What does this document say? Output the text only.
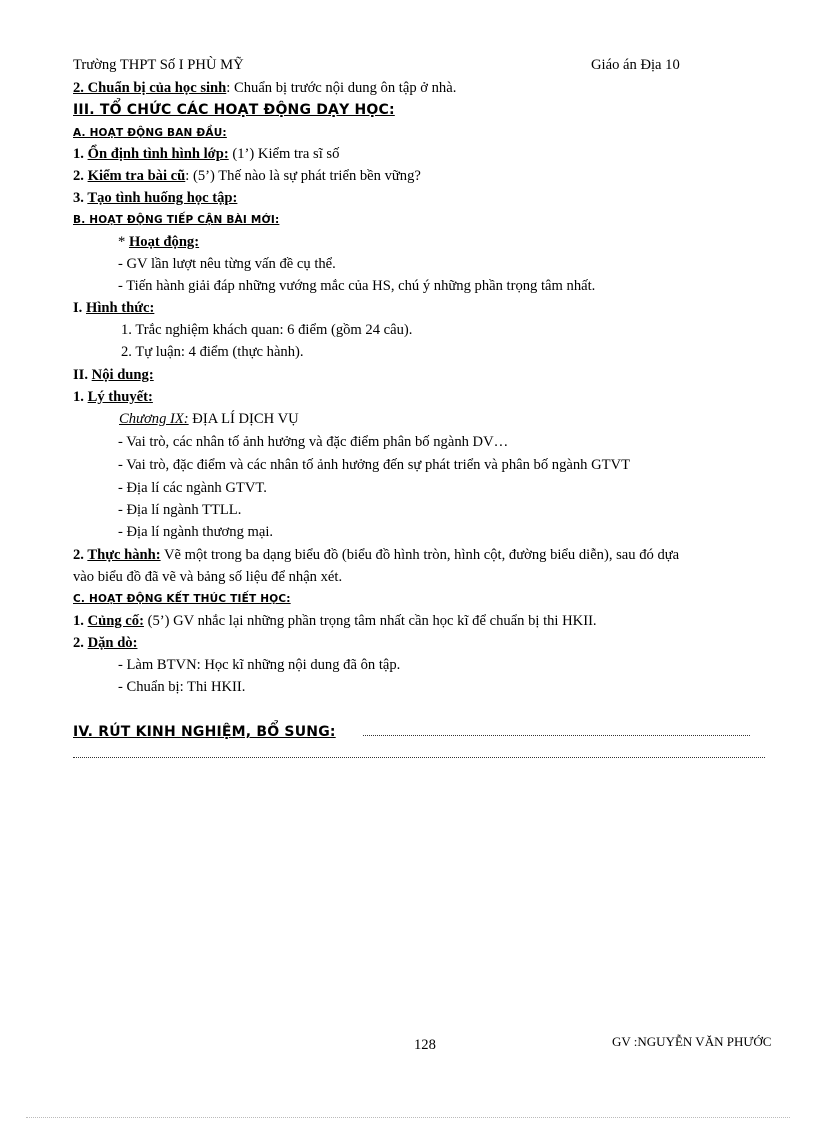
Trường THPT Số I PHÙ MỸ	Giáo án Địa 10
2. Chuẩn bị của học sinh: Chuẩn bị trước nội dung ôn tập ở nhà.
III. TỔ CHỨC CÁC HOẠT ĐỘNG DẠY HỌC:
A. HOẠT ĐỘNG BAN ĐẦU:
1. Ổn định tình hình lớp: (1’) Kiểm tra sĩ số
2. Kiểm tra bài cũ: (5’) Thế nào là sự phát triển bền vững?
3. Tạo tình huống học tập:
B. HOẠT ĐỘNG TIẾP CẬN BÀI MỚI:
* Hoạt động:
- GV lần lượt nêu từng vấn đề cụ thể.
- Tiến hành giải đáp những vướng mắc của HS, chú ý những phần trọng tâm nhất.
I. Hình thức:
1. Trắc nghiệm khách quan: 6 điểm (gồm 24 câu).
2. Tự luận: 4 điểm (thực hành).
II. Nội dung:
1. Lý thuyết:
Chương IX: ĐỊA LÍ DỊCH VỤ
- Vai trò, các nhân tố ảnh hưởng và đặc điểm phân bố ngành DV…
- Vai trò, đặc điểm và các nhân tố ảnh hưởng đến sự phát triển và phân bố ngành GTVT
- Địa lí các ngành GTVT.
- Địa lí ngành TTLL.
- Địa lí ngành thương mại.
2. Thực hành: Vẽ một trong ba dạng biểu đồ (biểu đồ hình tròn, hình cột, đường biểu diễn), sau đó dựa
vào biểu đồ đã vẽ và bảng số liệu để nhận xét.
C. HOẠT ĐỘNG KẾT THÚC TIẾT HỌC:
1. Củng cố: (5’) GV nhắc lại những phần trọng tâm nhất cần học kĩ để chuẩn bị thi HKII.
2. Dặn dò:
- Làm BTVN: Học kĩ những nội dung đã ôn tập.
- Chuẩn bị: Thi HKII.
IV. RÚT KINH NGHIỆM, BỔ SUNG:
128	GV :NGUYỄN VĂN PHƯỚC
